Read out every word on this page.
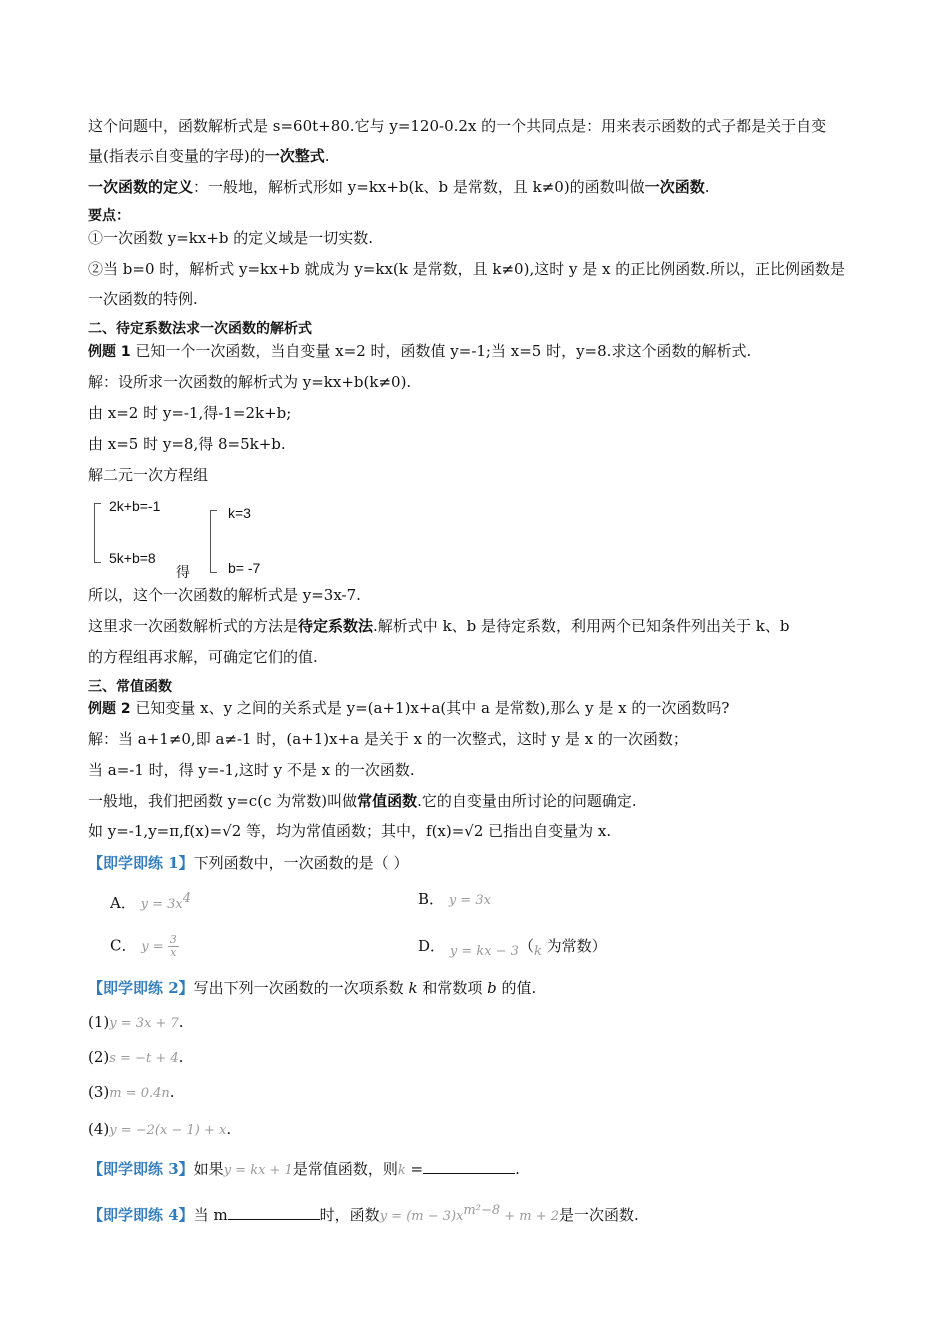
这个问题中，函数解析式是 s=60t+80.它与 y=120-0.2x 的一个共同点是：用来表示函数的式子都是关于自变
量(指表示自变量的字母)的一次整式.
一次函数的定义：一般地，解析式形如 y=kx+b(k、b 是常数，且 k≠0)的函数叫做一次函数.
要点：
①一次函数 y=kx+b 的定义域是一切实数.
②当 b=0 时，解析式 y=kx+b 就成为 y=kx(k 是常数，且 k≠0),这时 y 是 x 的正比例函数.所以，正比例函数是
一次函数的特例.
二、待定系数法求一次函数的解析式
例题 1 已知一个一次函数，当自变量 x=2 时，函数值 y=-1;当 x=5 时，y=8.求这个函数的解析式.
解：设所求一次函数的解析式为 y=kx+b(k≠0).
由 x=2 时 y=-1,得-1=2k+b;
由 x=5 时 y=8,得 8=5k+b.
解二元一次方程组
2k+b=-1
5k+b=8
得
k=3
b= -7
所以，这个一次函数的解析式是 y=3x-7.
这里求一次函数解析式的方法是待定系数法.解析式中 k、b 是待定系数，利用两个已知条件列出关于 k、b
的方程组再求解，可确定它们的值.
三、常值函数
例题 2 已知变量 x、y 之间的关系式是 y=(a+1)x+a(其中 a 是常数),那么 y 是 x 的一次函数吗?
解：当 a+1≠0,即 a≠-1 时，(a+1)x+a 是关于 x 的一次整式，这时 y 是 x 的一次函数；
当 a=-1 时，得 y=-1,这时 y 不是 x 的一次函数.
一般地，我们把函数 y=c(c 为常数)叫做常值函数.它的自变量由所讨论的问题确定.
如 y=-1,y=π,f(x)=√2 等，均为常值函数；其中，f(x)=√2 已指出自变量为 x.
【即学即练 1】下列函数中，一次函数的是（ ）
A． $y = 3x^4$	B． y = 3x
C． $y = \frac{3}{x}$	D． y = kx − 3（k 为常数）
【即学即练 2】写出下列一次函数的一次项系数 k 和常数项 b 的值.
(1)y = 3x + 7.
(2)s = −t + 4.
(3)m = 0.4n.
(4)y = −2(x − 1) + x.
【即学即练 3】如果y = kx + 1是常值函数，则k =	.
【即学即练 4】当 m	时，函数$y = (m - 3)x^{m^2-8} + m + 2$是一次函数.
